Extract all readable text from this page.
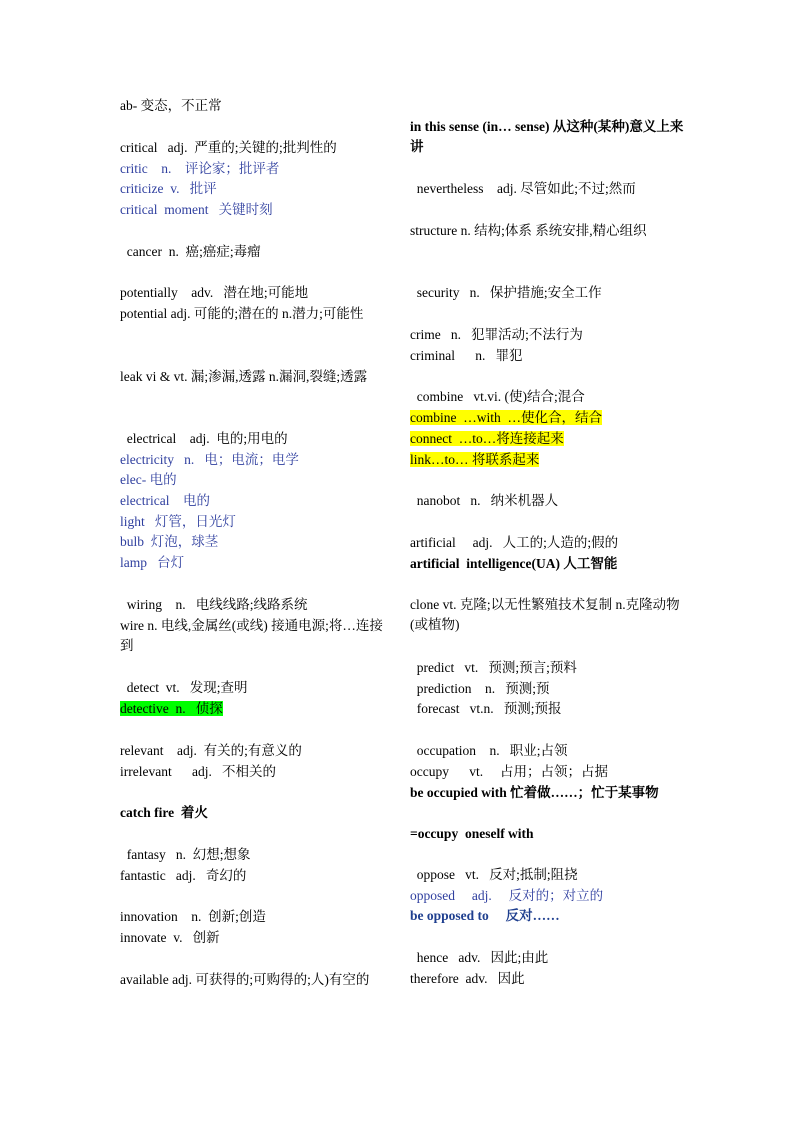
ab- 变态，不正常
critical   adj.  严重的;关键的;批判性的
critic    n.    评论家；批评者
criticize  v.   批评
critical  moment   关键时刻
cancer  n.  癌;癌症;毒瘤
potentially    adv.   潜在地;可能地
potential adj. 可能的;潜在的 n.潜力;可能性
leak vi & vt. 漏;渗漏,透露 n.漏洞,裂缝;透露
electrical    adj.  电的;用电的
electricity   n.   电；电流；电学
elec- 电的
electrical    电的
light   灯管，日光灯
bulb  灯泡，球茎
lamp   台灯
wiring    n.   电线线路;线路系统
wire n. 电线,金属丝(或线) 接通电源;将…连接到
detect  vt.   发现;查明
detective  n.   侦探
relevant    adj.  有关的;有意义的
irrelevant      adj.   不相关的
catch fire  着火
fantasy   n.  幻想;想象
fantastic   adj.   奇幻的
innovation    n.  创新;创造
innovate  v.   创新
available adj. 可获得的;可购得的;人)有空的
in this sense (in… sense) 从这种(某种)意义上来讲
nevertheless    adj. 尽管如此;不过;然而
structure n. 结构;体系 系统安排,精心组织
security   n.   保护措施;安全工作
crime   n.   犯罪活动;不法行为
criminal      n.   罪犯
combine   vt.vi. (使)结合;混合
combine  …with  …使化合，结合
connect  …to…将连接起来
link…to… 将联系起来
nanobot   n.   纳米机器人
artificial     adj.   人工的;人造的;假的
artificial  intelligence(UA) 人工智能
clone vt. 克隆;以无性繁殖技术复制 n.克隆动物(或植物)
predict   vt.   预测;预言;预料
prediction    n.   预测;预
forecast   vt.n.   预测;预报
occupation    n.   职业;占领
occupy      vt.     占用；占领；占据
be occupied with 忙着做……；忙于某事物
=occupy  oneself with
oppose   vt.   反对;抵制;阻挠
opposed     adj.     反对的；对立的
be opposed to     反对……
hence   adv.   因此;由此
therefore  adv.   因此
